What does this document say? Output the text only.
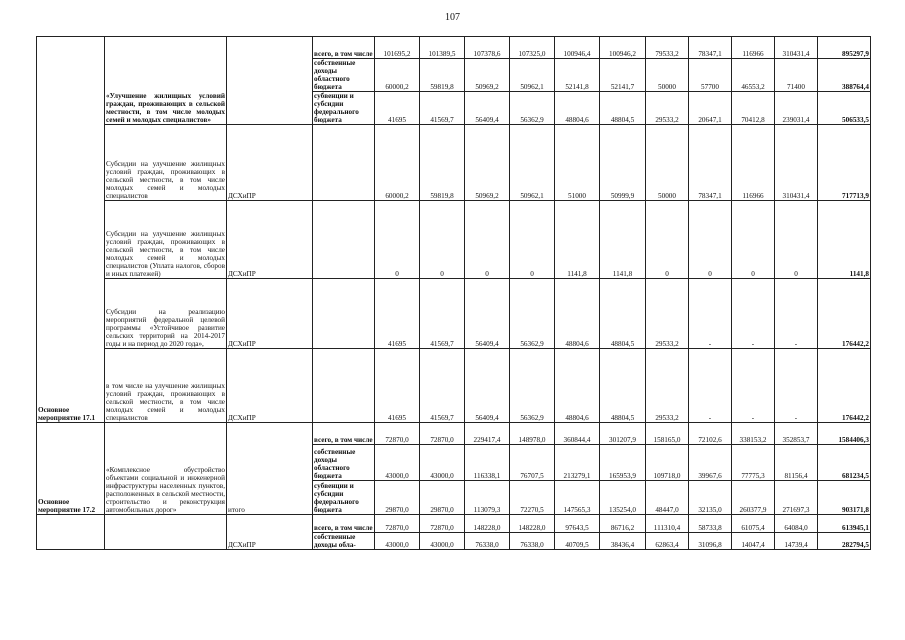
107
Основное мероприятие 17.1	«Улучшение жилищных условий граждан, проживающих в сельской местности, в том числе молодых семей и молодых специалистов»		всего, в том числе	101695,2	101389,5	107378,6	107325,0	100946,4	100946,2	79533,2	78347,1	116966	310431,4	895297,9
			собственные доходы областного бюджета	60000,2	59819,8	50969,2	50962,1	52141,8	52141,7	50000	57700	46553,2	71400	388764,4
			субвенции и субсидии федерального бюджета	41695	41569,7	56409,4	56362,9	48804,6	48804,5	29533,2	20647,1	70412,8	239031,4	506533,5
	Субсидии на улучшение жилищных условий граждан, проживающих в сельской местности, в том числе молодых семей и молодых специалистов	ДСХиПР		60000,2	59819,8	50969,2	50962,1	51000	50999,9	50000	78347,1	116966	310431,4	717713,9
	Субсидии на улучшение жилищных условий граждан, проживающих в сельской местности, в том числе молодых семей и молодых специалистов (Уплата налогов, сборов и иных платежей)	ДСХиПР		0	0	0	0	1141,8	1141,8	0	0	0	0	1141,8
	Субсидии на реализацию мероприятий федеральной целевой программы «Устойчивое развитие сельских территорий на 2014-2017 годы и на период до 2020 года»,	ДСХиПР		41695	41569,7	56409,4	56362,9	48804,6	48804,5	29533,2	-	-	-	176442,2
	в том числе на улучшение жилищных условий граждан, проживающих в сельской местности, в том числе молодых семей и молодых специалистов	ДСХиПР		41695	41569,7	56409,4	56362,9	48804,6	48804,5	29533,2	-	-	-	176442,2
Основное мероприятие 17.2	«Комплексное обустройство объектами социальной и инженерной инфраструктуры населенных пунктов, расположенных в сельской местности, строительство и реконструкция автомобильных дорог»	итого	всего, в том числе	72870,0	72870,0	229417,4	148978,0	360844,4	301207,9	158165,0	72102,6	338153,2	352853,7	1584406,3
			собственные доходы областного бюджета	43000,0	43000,0	116338,1	76707,5	213279,1	165953,9	109718,0	39967,6	77775,3	81156,4	681234,5
			субвенции и субсидии федерального бюджета	29870,0	29870,0	113079,3	72270,5	147565,3	135254,0	48447,0	32135,0	260377,9	271697,3	903171,8
		ДСХиПР	всего, в том числе	72870,0	72870,0	148228,0	148228,0	97643,5	86716,2	111310,4	58733,8	61075,4	64084,0	613945,1
			собственные доходы обла-	43000,0	43000,0	76338,0	76338,0	40709,5	38436,4	62863,4	31096,8	14047,4	14739,4	282794,5
